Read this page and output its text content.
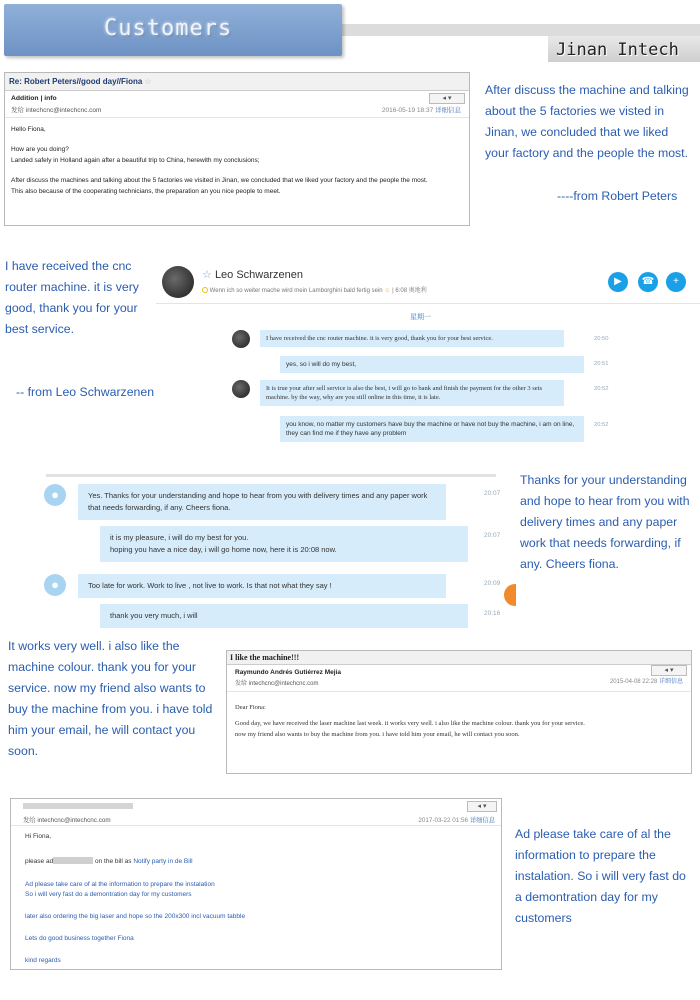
Customers
Jinan Intech
Re: Robert Peters//good day//Fiona ☆
◂ ▾
Addition | info
发给 intechcnc@intechcnc.com	2016-05-19 18:37 详细信息

Hello Fiona,

How are you doing?

Landed safely in Holland again after a beautiful trip to China, herewith my conclusions;

After discuss the machines and talking about the 5 factories we visited in Jinan, we concluded that we liked your factory and the people the most.

This also because of the cooperating technicians, the preparation an you nice people to meet.

After discuss the machine and talking about the 5 factories we visted in Jinan, we concluded that we liked your factory and the people the most.
----from Robert Peters
I have received the cnc router machine. it is very good, thank you for your best service.
-- from Leo Schwarzenen
☆ Leo Schwarzenen
Wenn ich so weiter mache wird mein Lamborghini bald fertig sein ☺ | 6:08 奥地利
▶	☎	+
星期一
I have received the cnc router machine. it is very good, thank you for your best service.	20:50
yes, so i will do my best,	20:51
It is true your after sell service is also the best, i will go to bank and finish the payment for the other 3 sets machine. by the way, why are you still online in this time, it is late.
20:52
you know, no matter my customers have buy the machine or have not buy the machine, i am on line, they can find me if they have any problem
20:52
●	Yes. Thanks for your understanding and hope to hear from you with delivery times and any paper work that needs forwarding, if any. Cheers fiona.
20:07
it is my pleasure, i will do my best for you.
hoping you have a nice day, i will go home now, here it is 20:08 now.
20:07
●	Too late for work. Work to live , not live to work. Is that not what they say !	20:09
thank you very much, i will	20:16
Thanks for your understanding and hope to hear from you with delivery times and any paper work that needs forwarding, if any. Cheers fiona.
It works very well. i also like the machine colour. thank you for your service. now my friend also wants to buy the machine from you. i have told him your email, he will contact you soon.
I like the machine!!!
◂ ▾
Raymundo Andrés Gutiérrez Mejía
发给 intechcnc@intechcnc.com	2015-04-08 22:28 详细信息

Dear Fiona:

Good day, we have received the laser machine last week. it works very well. i also like the machine colour. thank you for your service.

now my friend also wants to buy the machine from you. i have told him your email, he will contact you soon.

◂ ▾
发给 intechcnc@intechcnc.com	2017-03-22 01:56 详细信息
Hi Fiona,
please ad	on the bill as Notify party in de Bill
Ad please take care of al the information to prepare the instalation
So i will very fast do a demontration day for my customers
later also ordering the big laser and hope so the 200x300 incl vacuum tabble
Lets do good business together Fiona
kind regards
Ad please take care of al the information to prepare the instalation. So i will very fast do a demontration day for my customers
